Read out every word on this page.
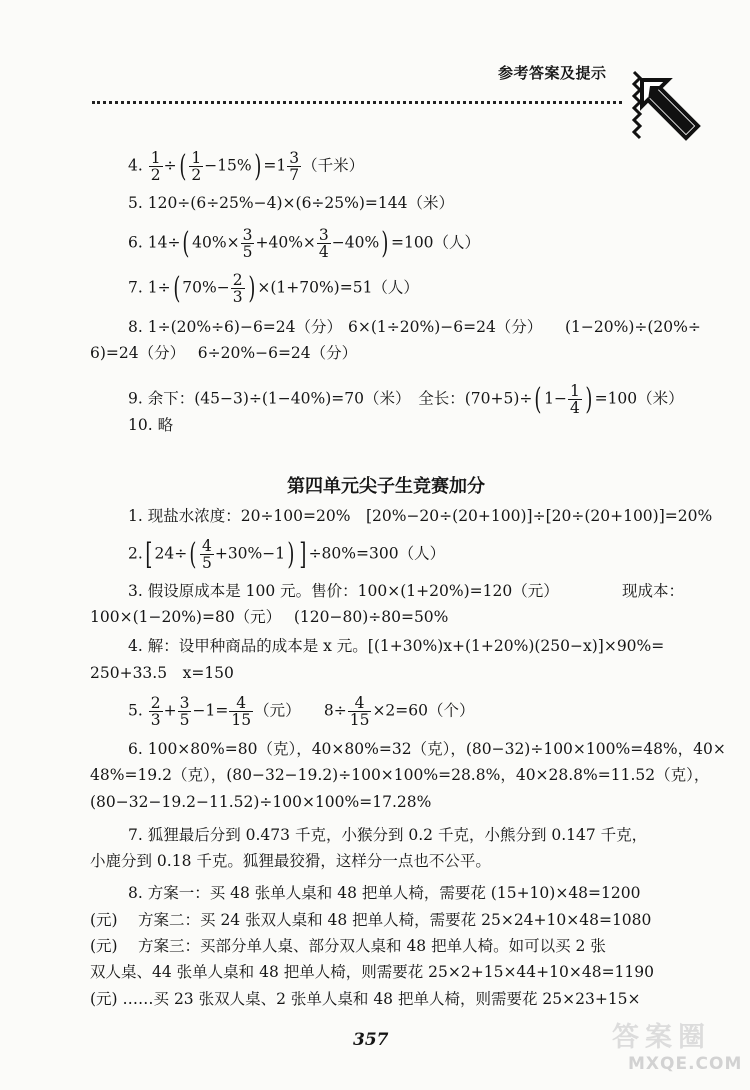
参考答案及提示
4. $\frac{1}{2}$ ÷( $\frac{1}{2} -15\%) =1 \frac{3}{7}$ （千米）
5. 120÷(6÷25%−4)×(6÷25%)=144（米）
6. 14÷( $40\%\times \frac{3}{5} +40\%\times \frac{3}{4} -40\%) =100$（人）
7. 1÷( $70\%- \frac{2}{3}$ ) ×(1+70%)=51（人）
8. 1÷(20%÷6)−6=24（分） 6×(1÷20%)−6=24（分） (1−20%)÷(20%÷
6)=24（分）　 6÷20%−6=24（分）
9. 余下：(45−3)÷(1−40%)=70（米）　 全长：(70+5)÷( $1- \frac{1}{4}$ ) =100（米）
10. 略
第四单元尖子生竞赛加分
1. 现盐水浓度：20÷100=20%　[20%−20÷(20+100)]÷[20÷(20+100)]=20%
2.[ $24\div( \frac{4}{5} +30\%-1)$ ] ÷80%=300（人）
3. 假设原成本是 100 元。售价：100×(1+20%)=120（元）	现成本：
100×(1−20%)=80（元）　 (120−80)÷80=50%
4. 解：设甲种商品的成本是 x 元。[(1+30%)x+(1+20%)(250−x)]×90%=
250+33.5　x=150
5. $\frac{2}{3} + \frac{3}{5} -1= \frac{4}{15}$ （元）　　 $8\div \frac{4}{15} \times 2=60$（个）
6. 100×80%=80（克），40×80%=32（克），(80−32)÷100×100%=48%，40×
48%=19.2（克），(80−32−19.2)÷100×100%=28.8%，40×28.8%=11.52（克），
(80−32−19.2−11.52)÷100×100%=17.28%
7. 狐狸最后分到 0.473 千克，小猴分到 0.2 千克，小熊分到 0.147 千克，
小鹿分到 0.18 千克。狐狸最狡猾，这样分一点也不公平。
8. 方案一：买 48 张单人桌和 48 把单人椅，需要花 (15+10)×48=1200
(元)　 方案二：买 24 张双人桌和 48 把单人椅，需要花 25×24+10×48=1080
(元)　 方案三：买部分单人桌、部分双人桌和 48 把单人椅。如可以买 2 张
双人桌、44 张单人桌和 48 把单人椅，则需要花 25×2+15×44+10×48=1190
(元) ……买 23 张双人桌、2 张单人桌和 48 把单人椅，则需要花 25×23+15×
357	答案圈
MXQE.COM
